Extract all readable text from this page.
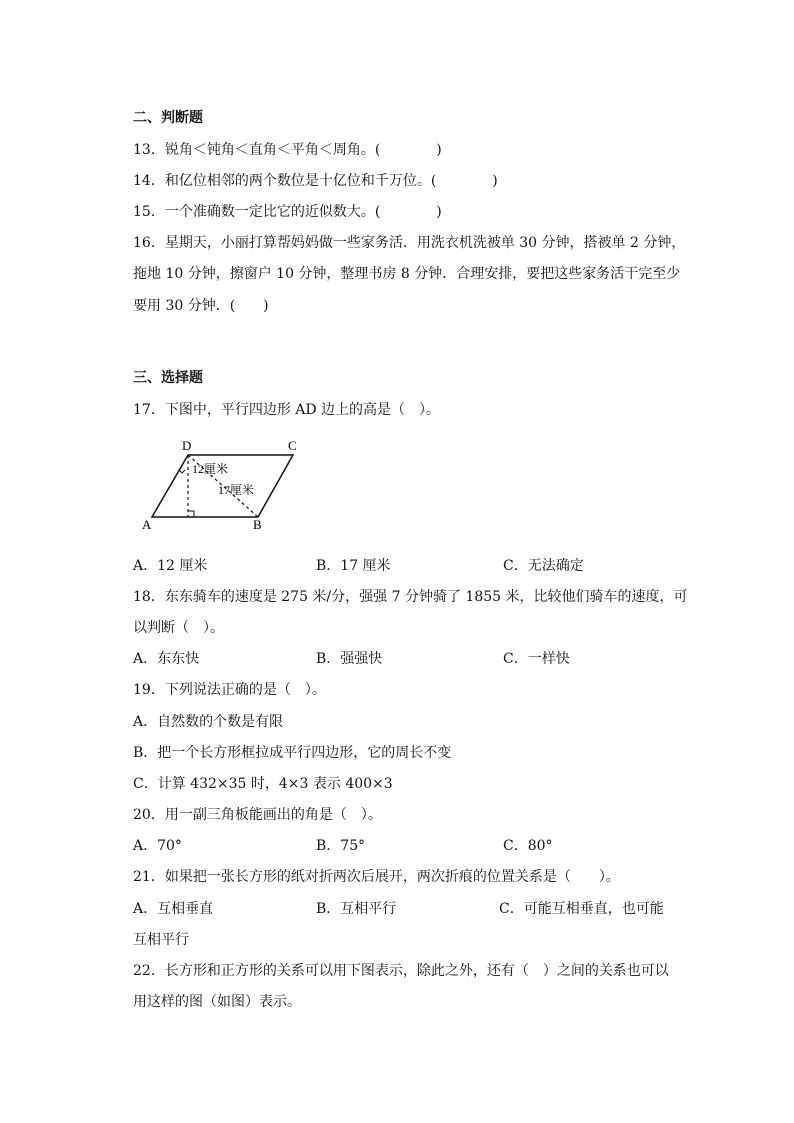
二、判断题
13．锐角＜钝角＜直角＜平角＜周角。(　　　　)
14．和亿位相邻的两个数位是十亿位和千万位。(　　　　)
15．一个准确数一定比它的近似数大。(　　　　)
16．星期天，小丽打算帮妈妈做一些家务活．用洗衣机洗被单 30 分钟，搭被单 2 分钟，
拖地 10 分钟，擦窗户 10 分钟，整理书房 8 分钟．合理安排，要把这些家务活干完至少
要用 30 分钟．(　　)
三、选择题
17．下图中，平行四边形 AD 边上的高是（　）。
D	C
A	B
12厘米
17厘米
A．12 厘米	B．17 厘米	C．无法确定
18．东东骑车的速度是 275 米/分，强强 7 分钟骑了 1855 米，比较他们骑车的速度，可
以判断（　）。
A．东东快	B．强强快	C．一样快
19．下列说法正确的是（　）。
A．自然数的个数是有限
B．把一个长方形框拉成平行四边形，它的周长不变
C．计算 432×35 时，4×3 表示 400×3
20．用一副三角板能画出的角是（　）。
A．70°	B．75°	C．80°
21．如果把一张长方形的纸对折两次后展开，两次折痕的位置关系是（　　）。
A．互相垂直	B．互相平行	C．可能互相垂直，也可能
互相平行
22．长方形和正方形的关系可以用下图表示，除此之外，还有（　）之间的关系也可以
用这样的图（如图）表示。
